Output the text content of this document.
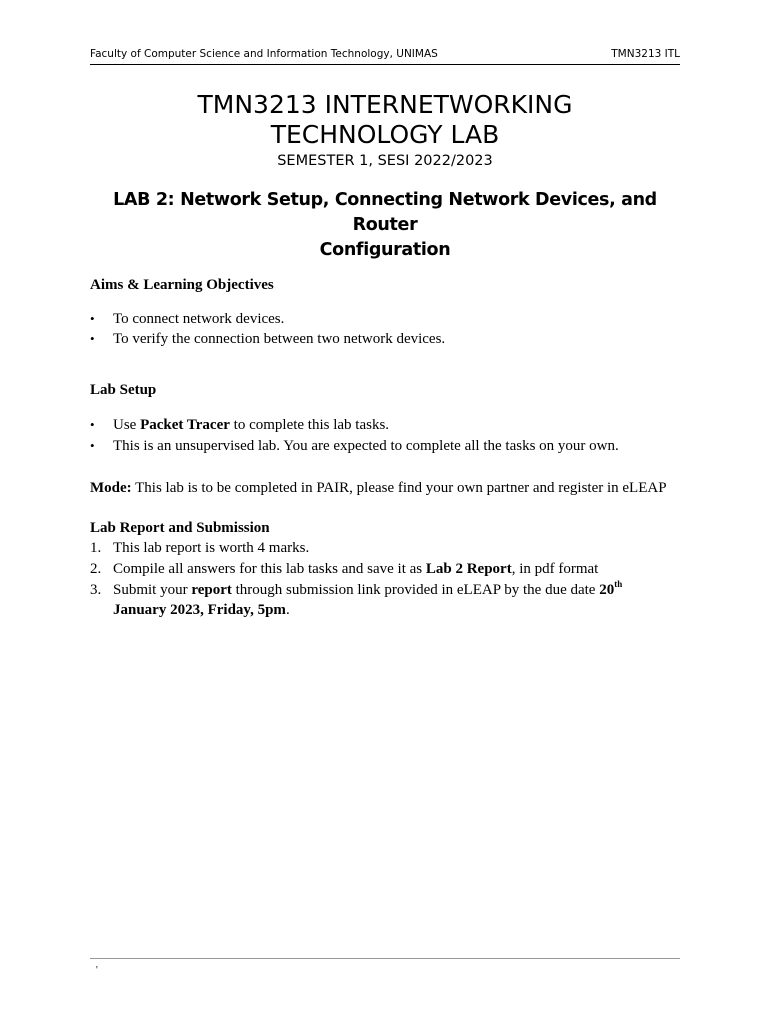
Faculty of Computer Science and Information Technology, UNIMAS	TMN3213 ITL
TMN3213 INTERNETWORKING
TECHNOLOGY LAB
SEMESTER 1, SESI 2022/2023
LAB 2: Network Setup, Connecting Network Devices, and Router
Configuration
Aims & Learning Objectives
• To connect network devices.
• To verify the connection between two network devices.
Lab Setup
• Use Packet Tracer to complete this lab tasks.
• This is an unsupervised lab. You are expected to complete all the tasks on your own.
Mode: This lab is to be completed in PAIR, please find your own partner and register in eLEAP
Lab Report and Submission
1. This lab report is worth 4 marks.
2. Compile all answers for this lab tasks and save it as Lab 2 Report, in pdf format
3. Submit your report through submission link provided in eLEAP by the due date 20th
January 2023, Friday, 5pm.
'
